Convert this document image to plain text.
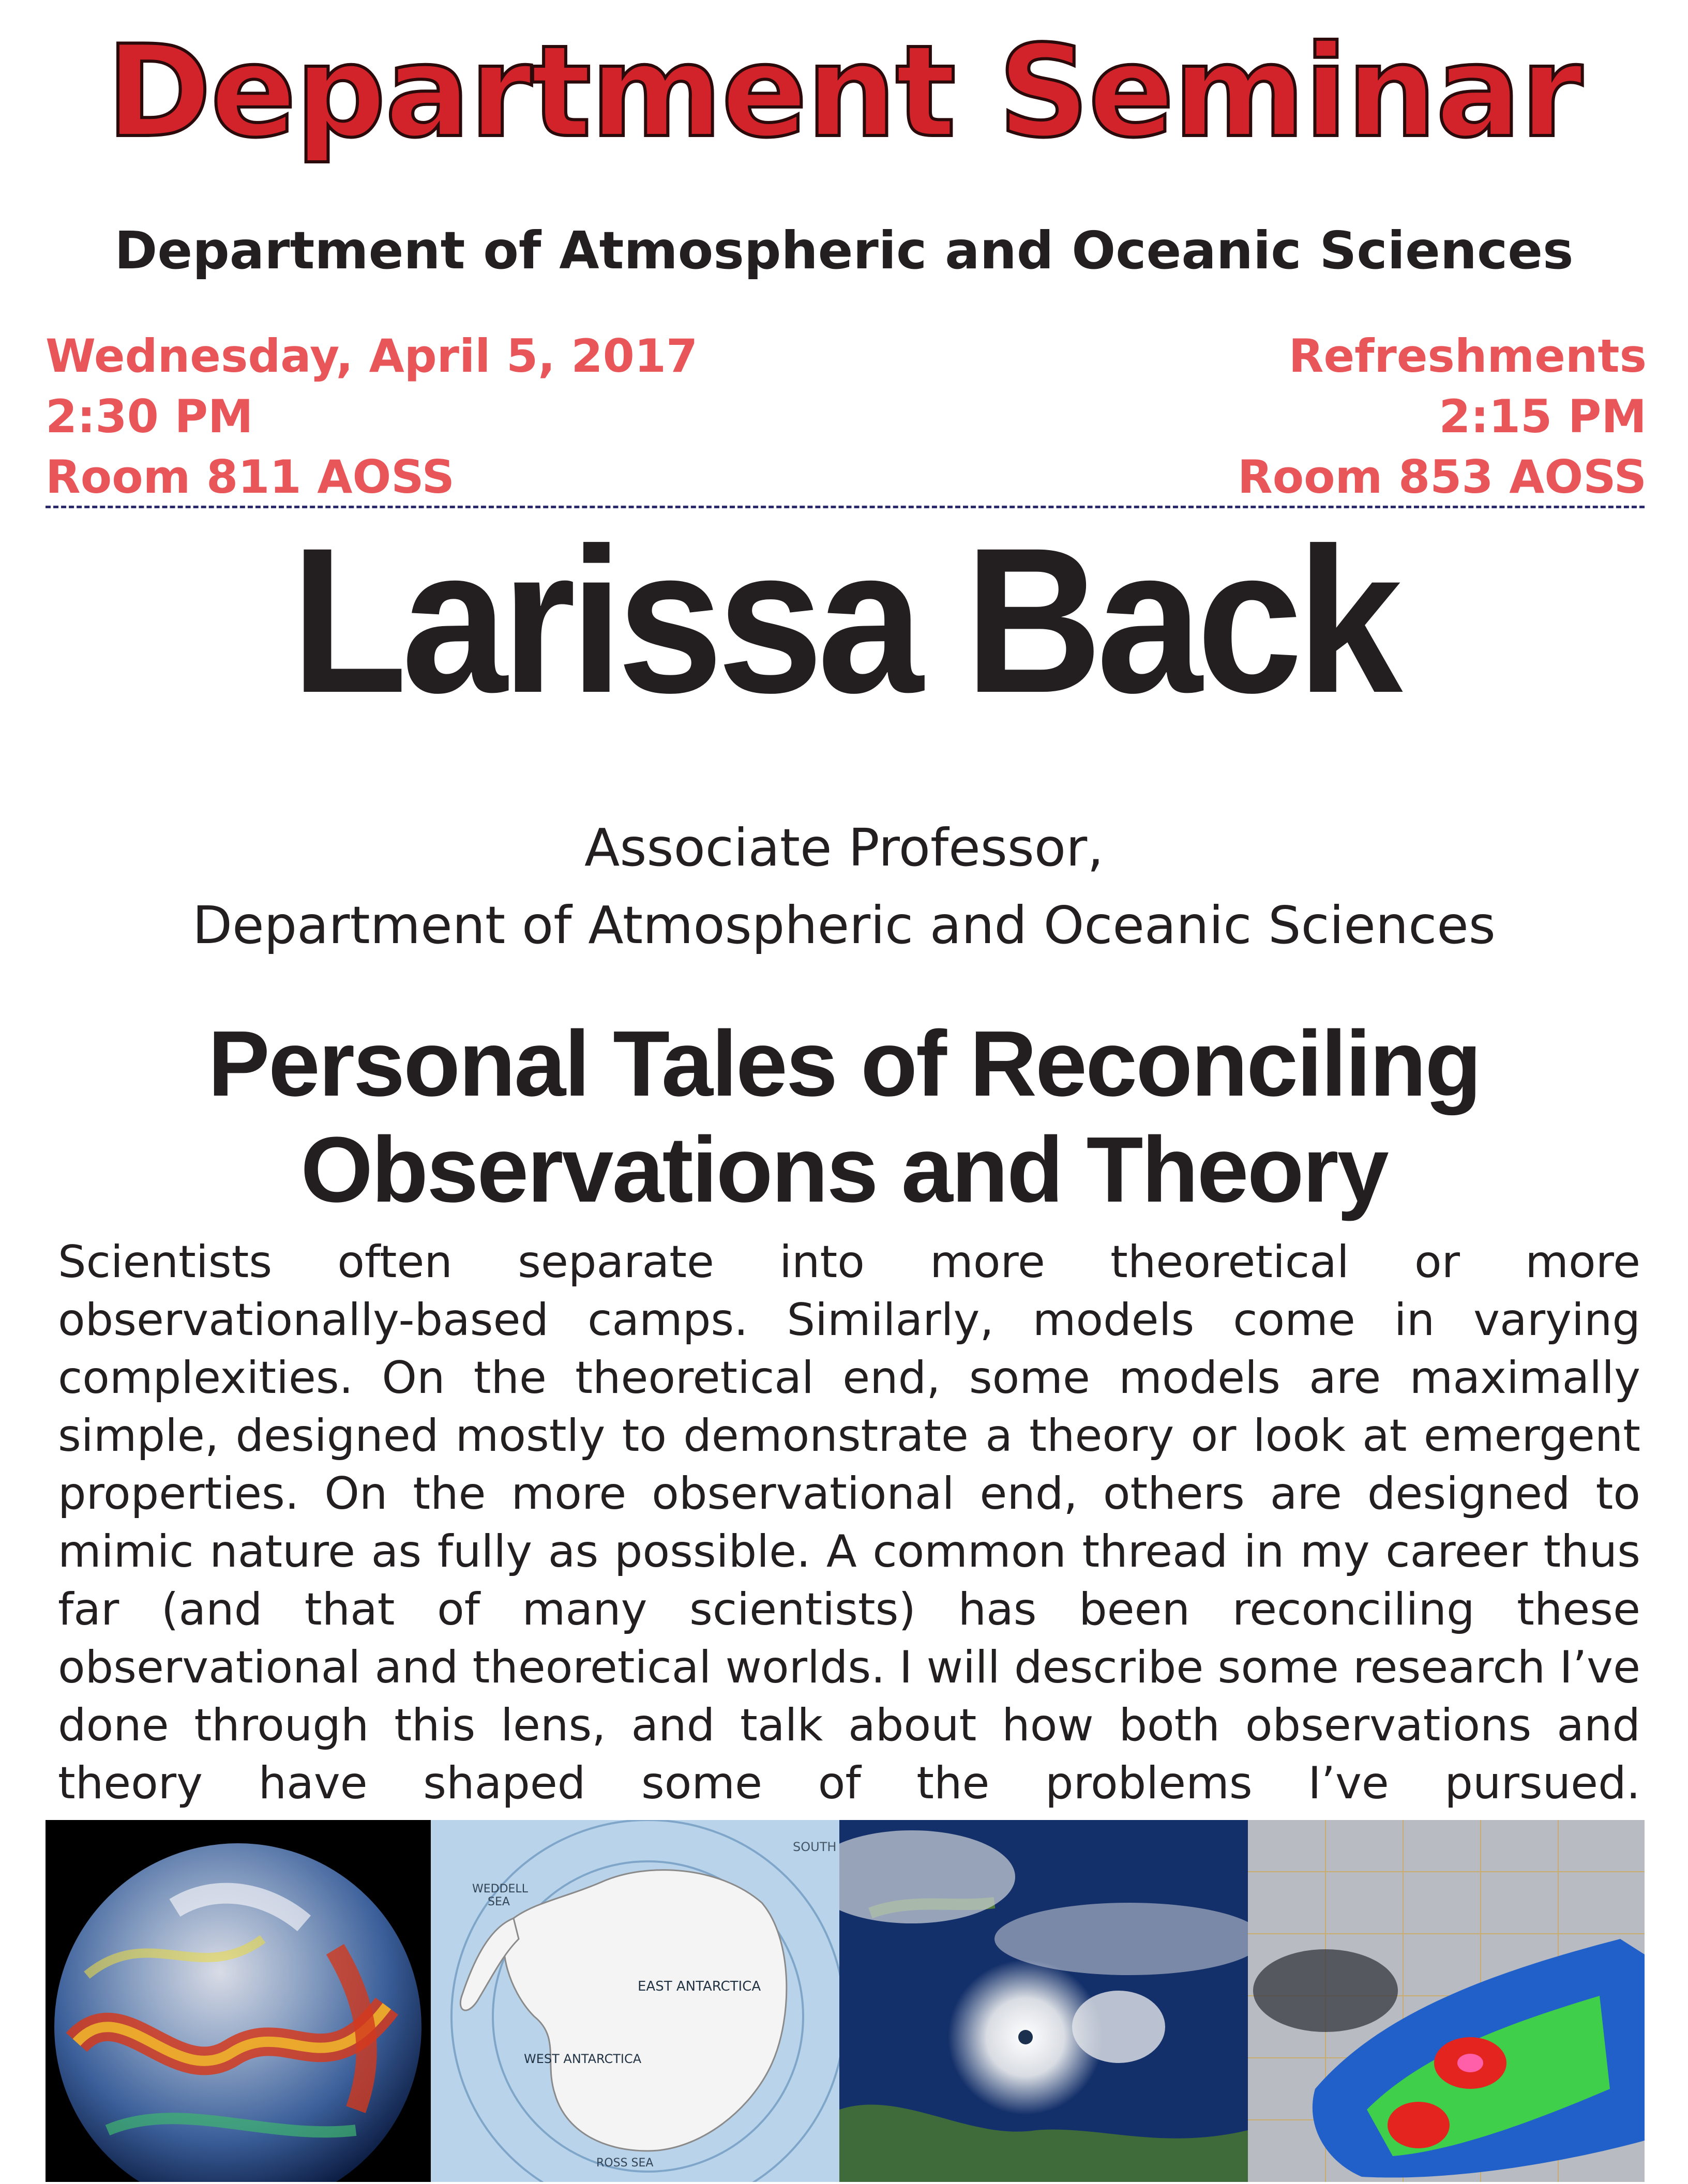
Department Seminar
Department of Atmospheric and Oceanic Sciences
Wednesday, April 5, 2017
2:30 PM
Room 811 AOSS
Refreshments
2:15 PM
Room 853 AOSS
Larissa Back
Associate Professor,
Department of Atmospheric and Oceanic Sciences
Personal Tales of Reconciling
Observations and Theory
Scientists often separate into more theoretical or more observationally-based camps. Similarly, models come in varying complexities. On the theoretical end, some models are maximally simple, designed mostly to demonstrate a theory or look at emergent properties. On the more observational end, others are designed to mimic nature as fully as possible. A common thread in my career thus far (and that of many scientists) has been reconciling these observational and theoretical worlds. I will describe some research I’ve done through this lens, and talk about how both observations and theory have shaped some of the problems I’ve pursued.
WEDDELL
SEA
EAST ANTARCTICA
WEST ANTARCTICA
ROSS SEA
SOUTH
